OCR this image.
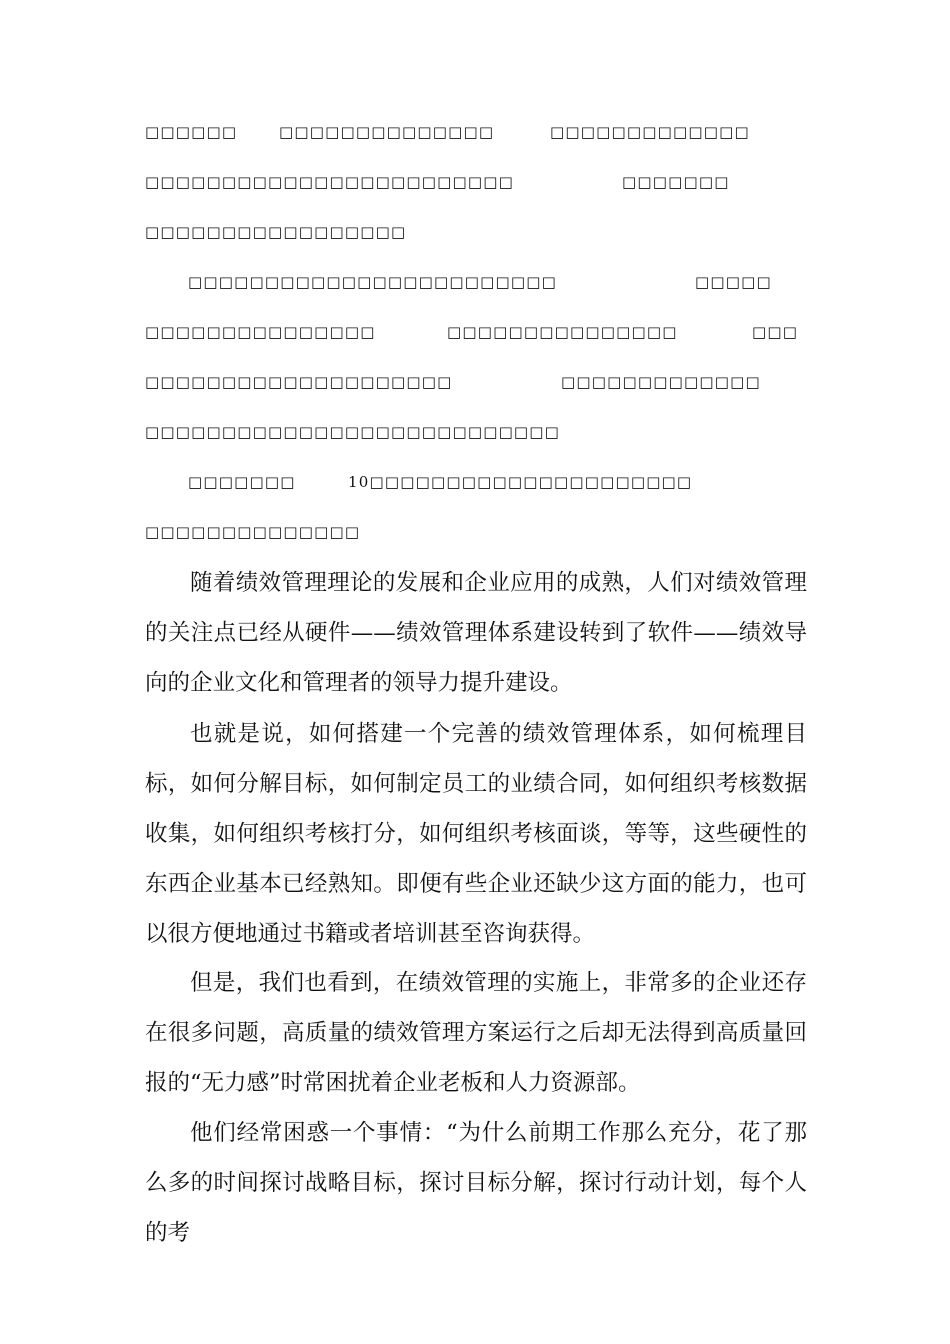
□□□□□□	□□□□□□□□□□□□□□	□□□□□□□□□□□□□
□□□□□□□□□□□□□□□□□□□□□□□□	□□□□□□□
□□□□□□□□□□□□□□□□□
□□□□□□□□□□□□□□□□□□□□□□□□	□□□□□
□□□□□□□□□□□□□□□	□□□□□□□□□□□□□□□	□□□
□□□□□□□□□□□□□□□□□□□□	□□□□□□□□□□□□□
□□□□□□□□□□□□□□□□□□□□□□□□□□□
□□□□□□□	10□□□□□□□□□□□□□□□□□□□□□
□□□□□□□□□□□□□□

随着绩效管理理论的发展和企业应用的成熟，人们对绩效管理的关注点已经从硬件——绩效管理体系建设转到了软件——绩效导向的企业文化和管理者的领导力提升建设。

也就是说，如何搭建一个完善的绩效管理体系，如何梳理目标，如何分解目标，如何制定员工的业绩合同，如何组织考核数据收集，如何组织考核打分，如何组织考核面谈，等等，这些硬性的东西企业基本已经熟知。即便有些企业还缺少这方面的能力，也可以很方便地通过书籍或者培训甚至咨询获得。

但是，我们也看到，在绩效管理的实施上，非常多的企业还存在很多问题，高质量的绩效管理方案运行之后却无法得到高质量回报的“无力感”时常困扰着企业老板和人力资源部。

他们经常困惑一个事情：“为什么前期工作那么充分，花了那么多的时间探讨战略目标，探讨目标分解，探讨行动计划，每个人的考
